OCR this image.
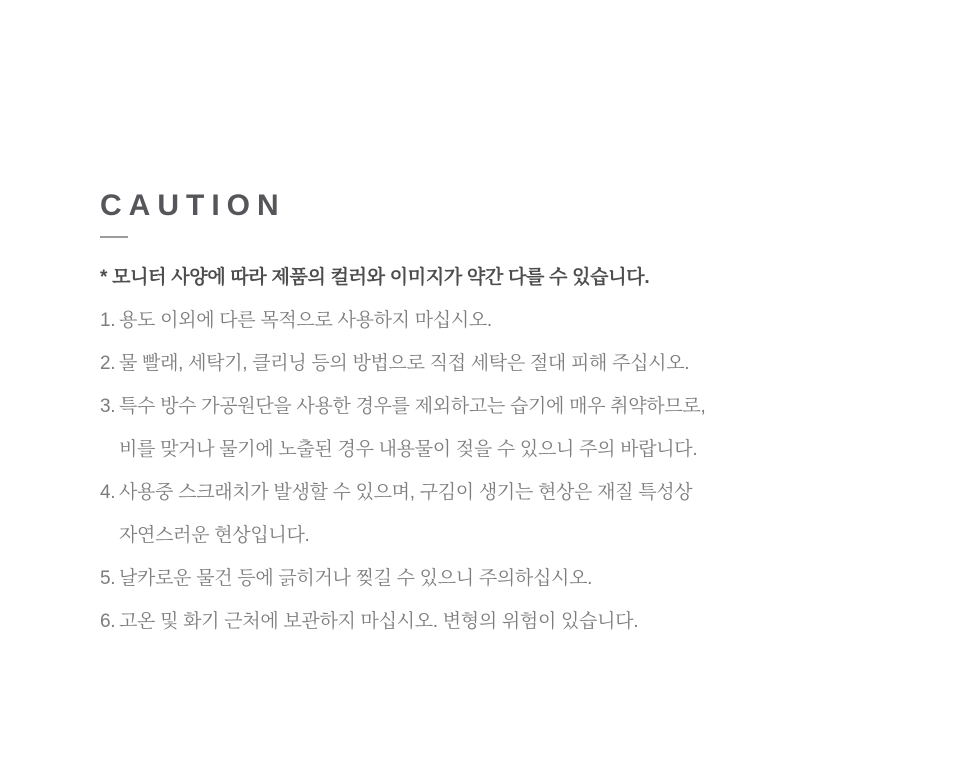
CAUTION

* 모니터 사양에 따라 제품의 컬러와 이미지가 약간 다를 수 있습니다.

1. 용도 이외에 다른 목적으로 사용하지 마십시오.
2. 물 빨래, 세탁기, 클리닝 등의 방법으로 직접 세탁은 절대 피해 주십시오.
3. 특수 방수 가공원단을 사용한 경우를 제외하고는 습기에 매우 취약하므로,
비를 맞거나 물기에 노출된 경우 내용물이 젖을 수 있으니 주의 바랍니다.
4. 사용중 스크래치가 발생할 수 있으며, 구김이 생기는 현상은 재질 특성상
자연스러운 현상입니다.
5. 날카로운 물건 등에 긁히거나 찢길 수 있으니 주의하십시오.
6. 고온 및 화기 근처에 보관하지 마십시오. 변형의 위험이 있습니다.
